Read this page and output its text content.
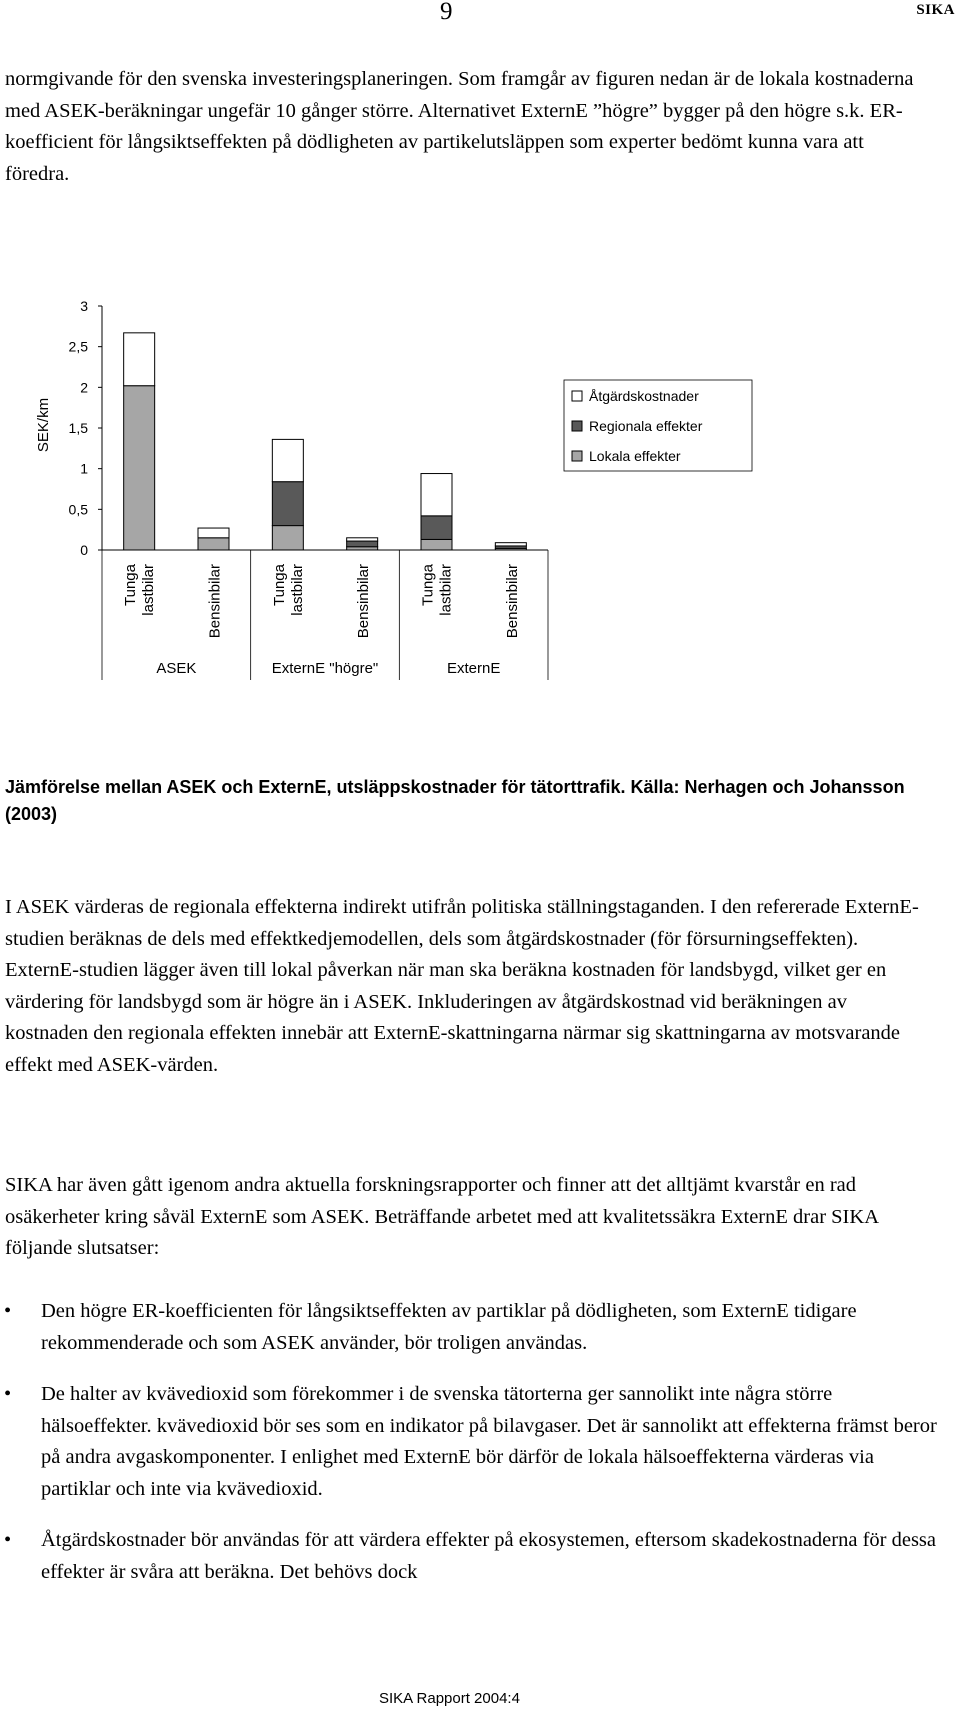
9	SIKA

normgivande för den svenska investeringsplaneringen. Som framgår av figuren nedan är de lokala kostnaderna med ASEK-beräkningar ungefär 10 gånger större. Alternativet ExternE ”högre” bygger på den högre s.k. ER-koefficient för långsiktseffekten på dödligheten av partikelutsläppen som experter bedömt kunna vara att föredra.

0
0,5
1
1,5
2
2,5
3
SEK/km
Tungalastbilar	Bensinbilar	Tungalastbilar	Bensinbilar	Tungalastbilar	Bensinbilar
ASEK	ExternE "högre"	ExternE
Åtgärdskostnader
Regionala effekter
Lokala effekter

Jämförelse mellan ASEK och ExternE, utsläppskostnader för tätorttrafik. Källa: Nerhagen och Johansson (2003)

I ASEK värderas de regionala effekterna indirekt utifrån politiska ställningstaganden. I den refererade ExternE-studien beräknas de dels med effektkedjemodellen, dels som åtgärdskostnader (för försurningseffekten). ExternE-studien lägger även till lokal påverkan när man ska beräkna kostnaden för landsbygd, vilket ger en värdering för landsbygd som är högre än i ASEK. Inkluderingen av åtgärdskostnad vid beräkningen av kostnaden den regionala effekten innebär att ExternE-skattningarna närmar sig skattningarna av motsvarande effekt med ASEK-värden.

SIKA har även gått igenom andra aktuella forskningsrapporter och finner att det alltjämt kvarstår en rad osäkerheter kring såväl ExternE som ASEK. Beträffande arbetet med att kvalitetssäkra ExternE drar SIKA följande slutsatser:

• Den högre ER-koefficienten för långsiktseffekten av partiklar på dödligheten, som ExternE tidigare rekommenderade och som ASEK använder, bör troligen användas.
• De halter av kvävedioxid som förekommer i de svenska tätorterna ger sannolikt inte några större hälsoeffekter. kvävedioxid bör ses som en indikator på bilavgaser. Det är sannolikt att effekterna främst beror på andra avgaskomponenter. I enlighet med ExternE bör därför de lokala hälsoeffekterna värderas via partiklar och inte via kvävedioxid.
• Åtgärdskostnader bör användas för att värdera effekter på ekosystemen, eftersom skadekostnaderna för dessa effekter är svåra att beräkna. Det behövs dock
SIKA Rapport 2004:4
